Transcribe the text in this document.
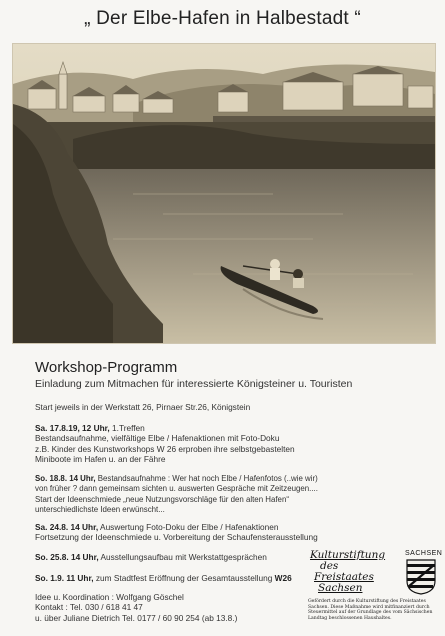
„ Der Elbe-Hafen in Halbestadt “
Workshop-Programm
Einladung zum Mitmachen für interessierte Königsteiner u. Touristen
Start jeweils in der Werkstatt 26, Pirnaer Str.26, Königstein
Sa. 17.8.19, 12 Uhr, 1.Treffen
Bestandsaufnahme, vielfältige Elbe / Hafenaktionen mit Foto-Doku
z.B. Kinder des Kunstworkshops W 26 erproben ihre selbstgebastelten
Miniboote im Hafen u. an der Fähre
So. 18.8. 14 Uhr, Bestandsaufnahme : Wer hat noch Elbe / Hafenfotos (..wie wir)
von früher ? dann gemeinsam sichten u. auswerten Gespräche mit Zeitzeugen....
Start der Ideenschmiede „neue Nutzungsvorschläge für den alten Hafen“
unterschiedlichste Ideen erwünscht...
Sa. 24.8. 14 Uhr, Auswertung Foto-Doku der Elbe / Hafenaktionen
Fortsetzung der Ideenschmiede u. Vorbereitung der Schaufensterausstellung
So. 25.8. 14 Uhr, Ausstellungsaufbau mit Werkstattgesprächen
So. 1.9. 11 Uhr, zum Stadtfest Eröffnung der Gesamtausstellung W26
Idee u. Koordination : Wolfgang Göschel
Kontakt : Tel. 030 / 618 41 47
u. über Juliane Dietrich Tel. 0177 / 60 90 254 (ab 13.8.)
Kulturstiftung
des
Freistaates
Sachsen
SACHSEN
Gefördert durch die Kulturstiftung des Freistaates Sachsen. Diese Maßnahme wird mitfinanziert durch Steuermittel auf der Grundlage des vom Sächsischen Landtag beschlossenen Haushaltes.
